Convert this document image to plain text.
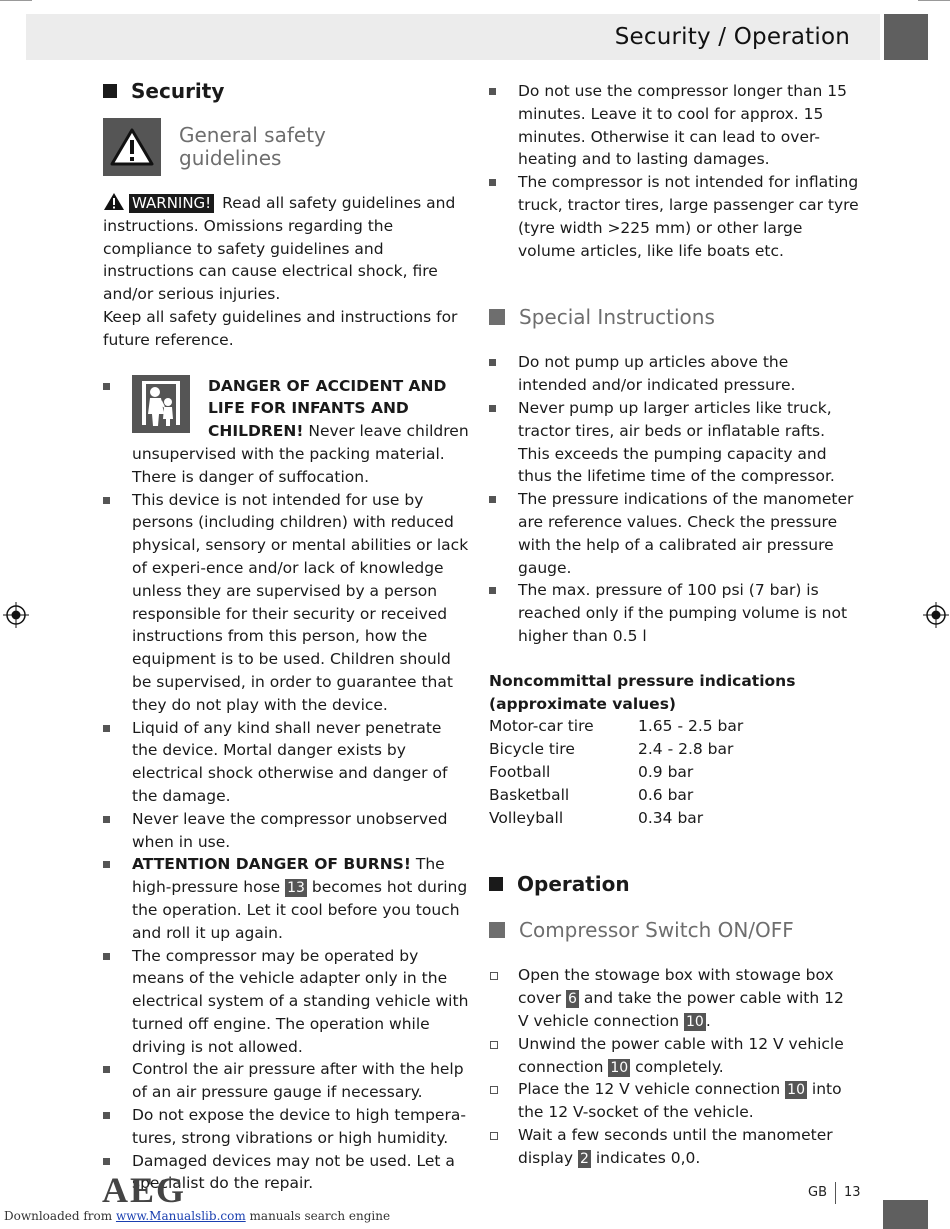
Security / Operation
Security
General safety
guidelines
WARNING! Read all safety guidelines and instructions. Omissions regarding the compliance to safety guidelines and instructions can cause electrical shock, fire and/or serious injuries.
Keep all safety guidelines and instructions for future reference.
DANGER OF ACCIDENT AND LIFE FOR INFANTS AND CHILDREN! Never leave children unsupervised with the packing material. There is danger of suffocation.
This device is not intended for use by persons (including children) with reduced physical, sensory or mental abilities or lack of experi-ence and/or lack of knowledge unless they are supervised by a person responsible for their security or received instructions from this person, how the equipment is to be used. Children should be supervised, in order to guarantee that they do not play with the device.
Liquid of any kind shall never penetrate the device. Mortal danger exists by electrical shock otherwise and danger of the damage.
Never leave the compressor unobserved when in use.
ATTENTION DANGER OF BURNS! The high-pressure hose 13 becomes hot during the operation. Let it cool before you touch and roll it up again.
The compressor may be operated by means of the vehicle adapter only in the electrical system of a standing vehicle with turned off engine. The operation while driving is not allowed.
Control the air pressure after with the help of an air pressure gauge if necessary.
Do not expose the device to high tempera-tures, strong vibrations or high humidity.
Damaged devices may not be used. Let a specialist do the repair.
Do not use the compressor longer than 15 minutes. Leave it to cool for approx. 15 minutes. Otherwise it can lead to over-heating and to lasting damages.
The compressor is not intended for inflating truck, tractor tires, large passenger car tyre (tyre width >225 mm) or other large volume articles, like life boats etc.
Special Instructions
Do not pump up articles above the intended and/or indicated pressure.
Never pump up larger articles like truck, tractor tires, air beds or inflatable rafts. This exceeds the pumping capacity and thus the lifetime time of the compressor.
The pressure indications of the manometer are reference values. Check the pressure with the help of a calibrated air pressure gauge.
The max. pressure of 100 psi (7 bar) is reached only if the pumping volume is not higher than 0.5 l
Noncommittal pressure indications
(approximate values)
Motor-car tire	1.65 - 2.5 bar
Bicycle tire	2.4 - 2.8 bar
Football	0.9 bar
Basketball	0.6 bar
Volleyball	0.34 bar
Operation
Compressor Switch ON/OFF
Open the stowage box with stowage box cover 6 and take the power cable with 12 V vehicle connection 10 .
Unwind the power cable with 12 V vehicle connection 10 completely.
Place the 12 V vehicle connection 10 into the 12 V-socket of the vehicle.
Wait a few seconds until the manometer display 2 indicates 0,0.
AEG
Downloaded from www.Manualslib.com manuals search engine
GB 13
